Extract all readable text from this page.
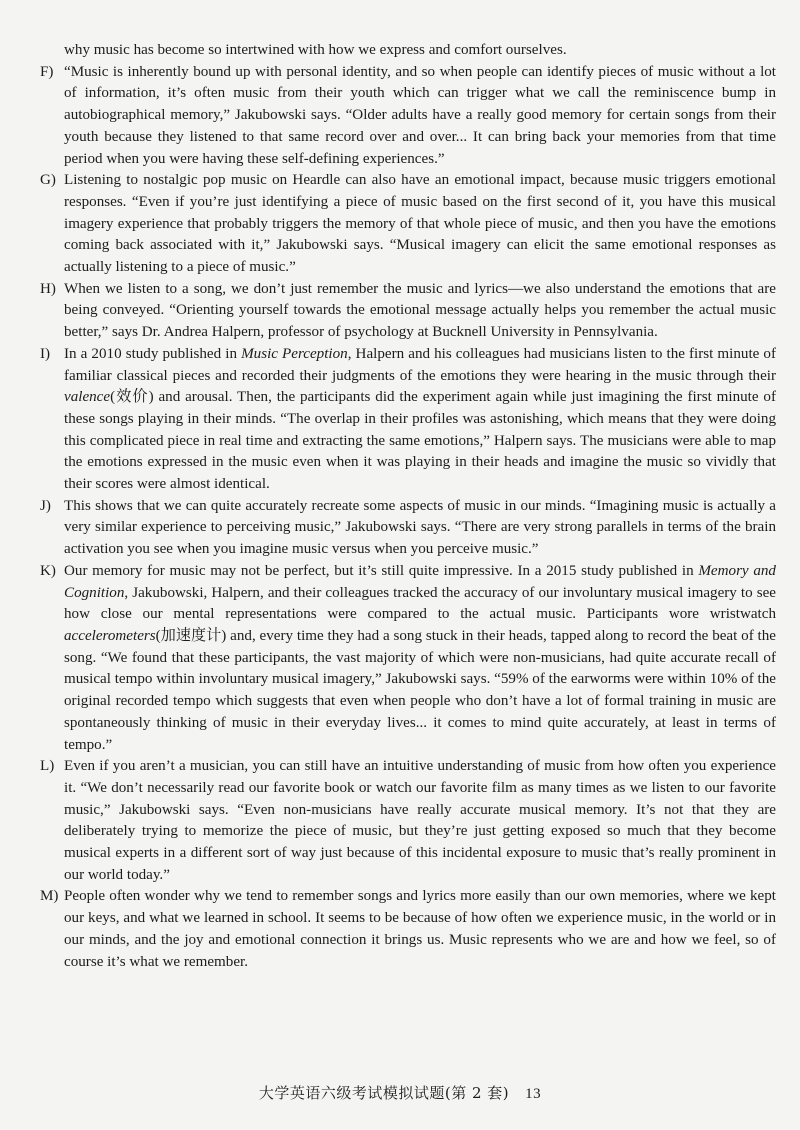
why music has become so intertwined with how we express and comfort ourselves.
F) “Music is inherently bound up with personal identity, and so when people can identify pieces of music without a lot of information, it’s often music from their youth which can trigger what we call the reminiscence bump in autobiographical memory,” Jakubowski says. “Older adults have a really good memory for certain songs from their youth because they listened to that same record over and over... It can bring back your memories from that time period when you were having these self-defining experiences.”
G) Listening to nostalgic pop music on Heardle can also have an emotional impact, because music triggers emotional responses. “Even if you’re just identifying a piece of music based on the first second of it, you have this musical imagery experience that probably triggers the memory of that whole piece of music, and then you have the emotions coming back associated with it,” Jakubowski says. “Musical imagery can elicit the same emotional responses as actually listening to a piece of music.”
H) When we listen to a song, we don’t just remember the music and lyrics—we also understand the emotions that are being conveyed. “Orienting yourself towards the emotional message actually helps you remember the actual music better,” says Dr. Andrea Halpern, professor of psychology at Bucknell University in Pennsylvania.
I) In a 2010 study published in Music Perception, Halpern and his colleagues had musicians listen to the first minute of familiar classical pieces and recorded their judgments of the emotions they were hearing in the music through their valence(效价) and arousal. Then, the participants did the experiment again while just imagining the first minute of these songs playing in their minds. “The overlap in their profiles was astonishing, which means that they were doing this complicated piece in real time and extracting the same emotions,” Halpern says. The musicians were able to map the emotions expressed in the music even when it was playing in their heads and imagine the music so vividly that their scores were almost identical.
J) This shows that we can quite accurately recreate some aspects of music in our minds. “Imagining music is actually a very similar experience to perceiving music,” Jakubowski says. “There are very strong parallels in terms of the brain activation you see when you imagine music versus when you perceive music.”
K) Our memory for music may not be perfect, but it’s still quite impressive. In a 2015 study published in Memory and Cognition, Jakubowski, Halpern, and their colleagues tracked the accuracy of our involuntary musical imagery to see how close our mental representations were compared to the actual music. Participants wore wristwatch accelerometers(加速度计) and, every time they had a song stuck in their heads, tapped along to record the beat of the song. “We found that these participants, the vast majority of which were non-musicians, had quite accurate recall of musical tempo within involuntary musical imagery,” Jakubowski says. “59% of the earworms were within 10% of the original recorded tempo which suggests that even when people who don’t have a lot of formal training in music are spontaneously thinking of music in their everyday lives... it comes to mind quite accurately, at least in terms of tempo.”
L) Even if you aren’t a musician, you can still have an intuitive understanding of music from how often you experience it. “We don’t necessarily read our favorite book or watch our favorite film as many times as we listen to our favorite music,” Jakubowski says. “Even non-musicians have really accurate musical memory. It’s not that they are deliberately trying to memorize the piece of music, but they’re just getting exposed so much that they become musical experts in a different sort of way just because of this incidental exposure to music that’s really prominent in our world today.”
M) People often wonder why we tend to remember songs and lyrics more easily than our own memories, where we kept our keys, and what we learned in school. It seems to be because of how often we experience music, in the world or in our minds, and the joy and emotional connection it brings us. Music represents who we are and how we feel, so of course it’s what we remember.
大学英语六级考试模拟试题(第 2 套) 13
